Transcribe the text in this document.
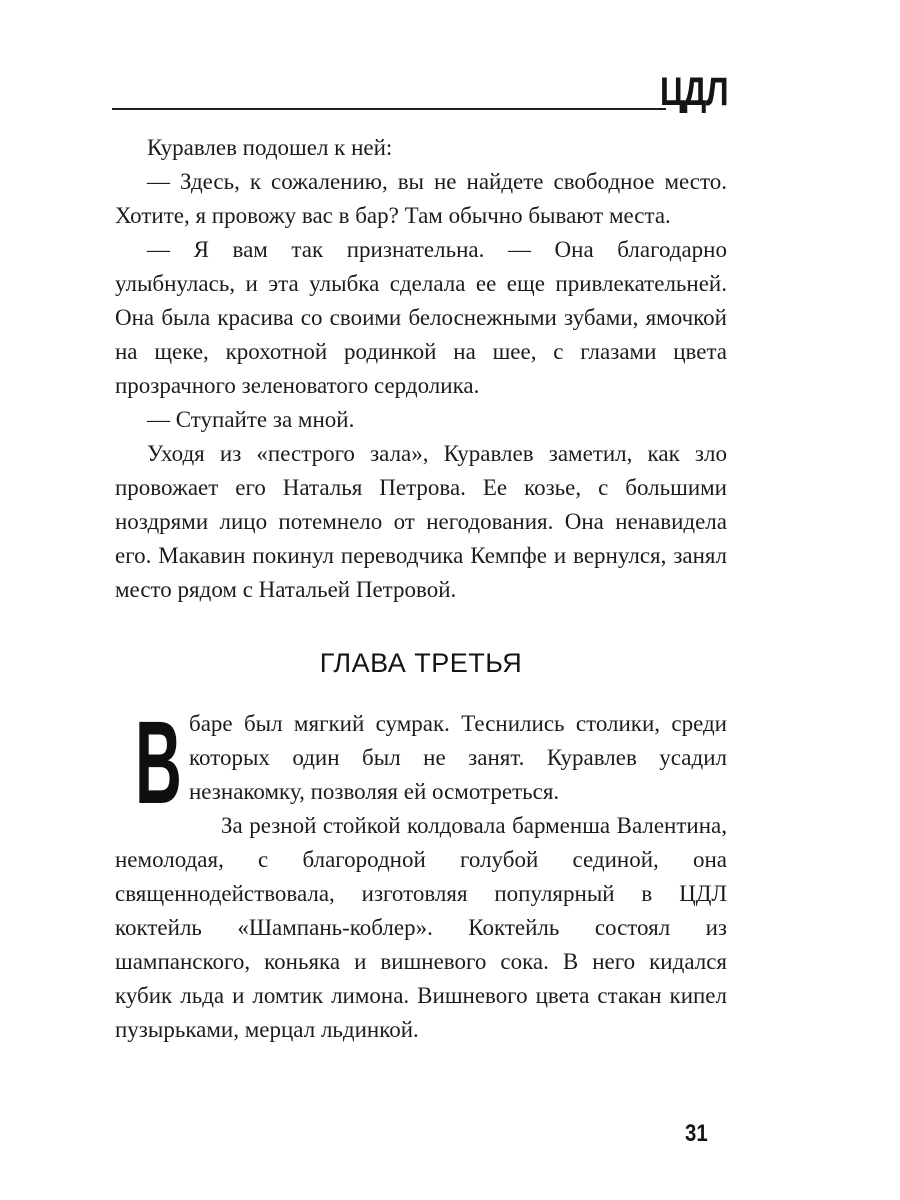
ЦДЛ

Куравлев подошел к ней:

— Здесь, к сожалению, вы не найдете свободное место. Хотите, я провожу вас в бар? Там обычно бывают места.

— Я вам так признательна. — Она благодарно улыбнулась, и эта улыбка сделала ее еще привлекательней. Она была красива со своими белоснежными зубами, ямочкой на щеке, крохотной родинкой на шее, с глазами цвета прозрачного зеленоватого сердолика.

— Ступайте за мной.

Уходя из «пестрого зала», Куравлев заметил, как зло провожает его Наталья Петрова. Ее козье, с большими ноздрями лицо потемнело от негодования. Она ненавидела его. Макавин покинул переводчика Кемпфе и вернулся, занял место рядом с Натальей Петровой.

ГЛАВА ТРЕТЬЯ

В баре был мягкий сумрак. Теснились столики, среди которых один был не занят. Куравлев усадил незнакомку, позволяя ей осмотреться.

За резной стойкой колдовала барменша Валентина, немолодая, с благородной голубой сединой, она священнодействовала, изготовляя популярный в ЦДЛ коктейль «Шампань-коблер». Коктейль состоял из шампанского, коньяка и вишневого сока. В него кидался кубик льда и ломтик лимона. Вишневого цвета стакан кипел пузырьками, мерцал льдинкой.

31
